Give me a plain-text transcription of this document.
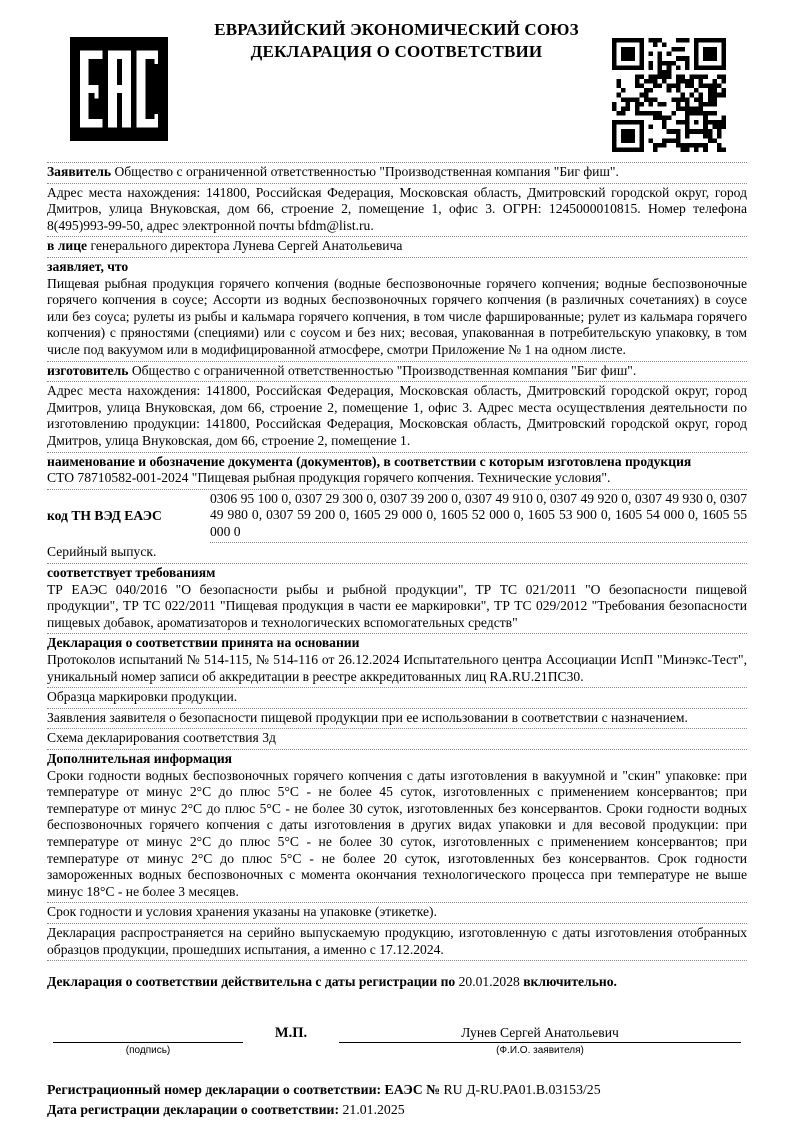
ЕВРАЗИЙСКИЙ ЭКОНОМИЧЕСКИЙ СОЮЗ
ДЕКЛАРАЦИЯ О СООТВЕТСТВИИ
Заявитель Общество с ограниченной ответственностью "Производственная компания "Биг фиш".
Адрес места нахождения: 141800, Российская Федерация, Московская область, Дмитровский городской округ, город Дмитров, улица Внуковская, дом 66, строение 2, помещение 1, офис 3. ОГРН: 1245000010815. Номер телефона 8(495)993-99-50, адрес электронной почты bfdm@list.ru.
в лице генерального директора Лунева Сергей Анатольевича
заявляет, что
Пищевая рыбная продукция горячего копчения (водные беспозвоночные горячего копчения; водные беспозвоночные горячего копчения в соусе; Ассорти из водных беспозвоночных горячего копчения (в различных сочетаниях) в соусе или без соуса; рулеты из рыбы и кальмара горячего копчения, в том числе фаршированные; рулет из кальмара горячего копчения) с пряностями (специями) или с соусом и без них; весовая, упакованная в потребительскую упаковку, в том числе под вакуумом или в модифицированной атмосфере, смотри Приложение № 1 на одном листе.
изготовитель Общество с ограниченной ответственностью "Производственная компания "Биг фиш".
Адрес места нахождения: 141800, Российская Федерация, Московская область, Дмитровский городской округ, город Дмитров, улица Внуковская, дом 66, строение 2, помещение 1, офис 3. Адрес места осуществления деятельности по изготовлению продукции: 141800, Российская Федерация, Московская область, Дмитровский городской округ, город Дмитров, улица Внуковская, дом 66, строение 2, помещение 1.
наименование и обозначение документа (документов), в соответствии с которым изготовлена продукция
СТО 78710582-001-2024 "Пищевая рыбная продукция горячего копчения. Технические условия".
код ТН ВЭД ЕАЭС
0306 95 100 0, 0307 29 300 0, 0307 39 200 0, 0307 49 910 0, 0307 49 920 0, 0307 49 930 0, 0307 49 980 0, 0307 59 200 0, 1605 29 000 0, 1605 52 000 0, 1605 53 900 0, 1605 54 000 0, 1605 55 000 0
Серийный выпуск.
соответствует требованиям
ТР ЕАЭС 040/2016 "О безопасности рыбы и рыбной продукции", ТР ТС 021/2011 "О безопасности пищевой продукции", ТР ТС 022/2011 "Пищевая продукция в части ее маркировки", ТР ТС 029/2012 "Требования безопасности пищевых добавок, ароматизаторов и технологических вспомогательных средств"
Декларация о соответствии принята на основании
Протоколов испытаний № 514-115, № 514-116 от 26.12.2024 Испытательного центра Ассоциации ИспП "Минэкс-Тест", уникальный номер записи об аккредитации в реестре аккредитованных лиц RA.RU.21ПС30.
Образца маркировки продукции.
Заявления заявителя о безопасности пищевой продукции при ее использовании в соответствии с назначением.
Схема декларирования соответствия 3д
Дополнительная информация
Сроки годности водных беспозвоночных горячего копчения с даты изготовления в вакуумной и "скин" упаковке: при температуре от минус 2°С до плюс 5°С - не более 45 суток, изготовленных с применением консервантов; при температуре от минус 2°С до плюс 5°С - не более 30 суток, изготовленных без консервантов. Сроки годности водных беспозвоночных горячего копчения с даты изготовления в других видах упаковки и для весовой продукции: при температуре от минус 2°С до плюс 5°С - не более 30 суток, изготовленных с применением консервантов; при температуре от минус 2°С до плюс 5°С - не более 20 суток, изготовленных без консервантов. Срок годности замороженных водных беспозвоночных с момента окончания технологического процесса при температуре не выше минус 18°С - не более 3 месяцев.
Срок годности и условия хранения указаны на упаковке (этикетке).
Декларация распространяется на серийно выпускаемую продукцию, изготовленную с даты изготовления отобранных образцов продукции, прошедших испытания, а именно с 17.12.2024.
Декларация о соответствии действительна с даты регистрации по 20.01.2028 включительно.
(подпись)
М.П.	Лунев Сергей Анатольевич
(Ф.И.О. заявителя)
Регистрационный номер декларации о соответствии: ЕАЭС № RU Д-RU.РА01.В.03153/25
Дата регистрации декларации о соответствии: 21.01.2025
